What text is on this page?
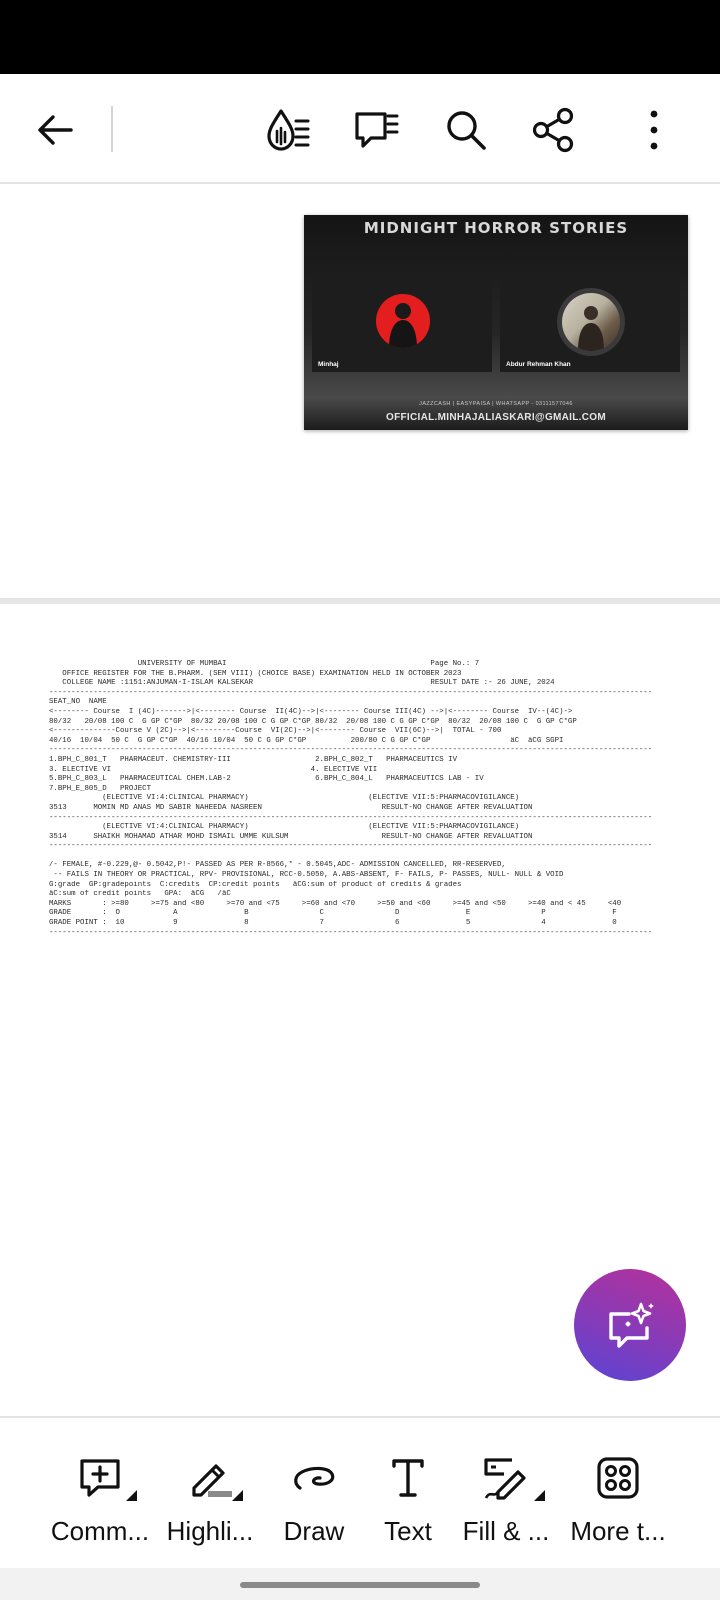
MIDNIGHT HORROR STORIES
Minhaj	Abdur Rehman Khan
JAZZCASH | EASYPAISA | WHATSAPP - 03111577046
OFFICIAL.MINHAJALIASKARI@GMAIL.COM
UNIVERSITY OF MUMBAI                                              Page No.: 7
OFFICE REGISTER FOR THE B.PHARM. (SEM VIII) (CHOICE BASE) EXAMINATION HELD IN OCTOBER 2023
COLLEGE NAME :1151:ANJUMAN-I-ISLAM KALSEKAR                                        RESULT DATE :- 26 JUNE, 2024
----------------------------------------------------------------------------------------------------------------------------------------
SEAT_NO  NAME
<-------- Course  I (4C)------->|<-------- Course  II(4C)-->|<-------- Course III(4C) -->|<-------- Course  IV--(4C)->
80/32   20/08 100 C  G GP C*GP  80/32 20/08 100 C G GP C*GP 80/32  20/08 100 C G GP C*GP  80/32  20/08 100 C  G GP C*GP
<--------------Course V (2C)-->|<---------Course  VI(2C)-->|<-------- Course  VII(6C)-->|  TOTAL - 700
40/16  10/04  50 C  G GP C*GP  40/16 10/04  50 C G GP C*GP          200/80 C G GP C*GP                  äC  äCG SGPI
----------------------------------------------------------------------------------------------------------------------------------------
1.BPH_C_801_T   PHARMACEUT. CHEMISTRY-III                   2.BPH_C_802_T   PHARMACEUTICS IV
3. ELECTIVE VI                                             4. ELECTIVE VII
5.BPH_C_803_L   PHARMACEUTICAL CHEM.LAB-2                   6.BPH_C_804_L   PHARMACEUTICS LAB - IV
7.BPH_E_805_D   PROJECT
(ELECTIVE VI:4:CLINICAL PHARMACY)                           (ELECTIVE VII:5:PHARMACOVIGILANCE)
3513      MOMIN MD ANAS MD SABIR NAHEEDA NASREEN                           RESULT-NO CHANGE AFTER REVALUATION
----------------------------------------------------------------------------------------------------------------------------------------
(ELECTIVE VI:4:CLINICAL PHARMACY)                           (ELECTIVE VII:5:PHARMACOVIGILANCE)
3514      SHAIKH MOHAMAD ATHAR MOHD ISMAIL UMME KULSUM                     RESULT-NO CHANGE AFTER REVALUATION
----------------------------------------------------------------------------------------------------------------------------------------
/- FEMALE, #-0.229,@- 0.5042,P!- PASSED AS PER R-8566,* - 0.5045,ADC- ADMISSION CANCELLED, RR-RESERVED,
-- FAILS IN THEORY OR PRACTICAL, RPV- PROVISIONAL, RCC-0.5050, A.ABS-ABSENT, F- FAILS, P- PASSES, NULL- NULL & VOID
G:grade  GP:gradepoints  C:credits  CP:credit points   äCG:sum of product of credits & grades
äC:sum of credit points   GPA:  äCG   /äC
MARKS       : >=80     >=75 and <80     >=70 and <75     >=60 and <70     >=50 and <60     >=45 and <50     >=40 and < 45     <40
GRADE       :  O            A               B                C                D               E                P               F
GRADE POINT :  10           9               8                7                6               5                4               0
----------------------------------------------------------------------------------------------------------------------------------------
Comm... Highli...	Draw	Text	Fill & ... More t...
